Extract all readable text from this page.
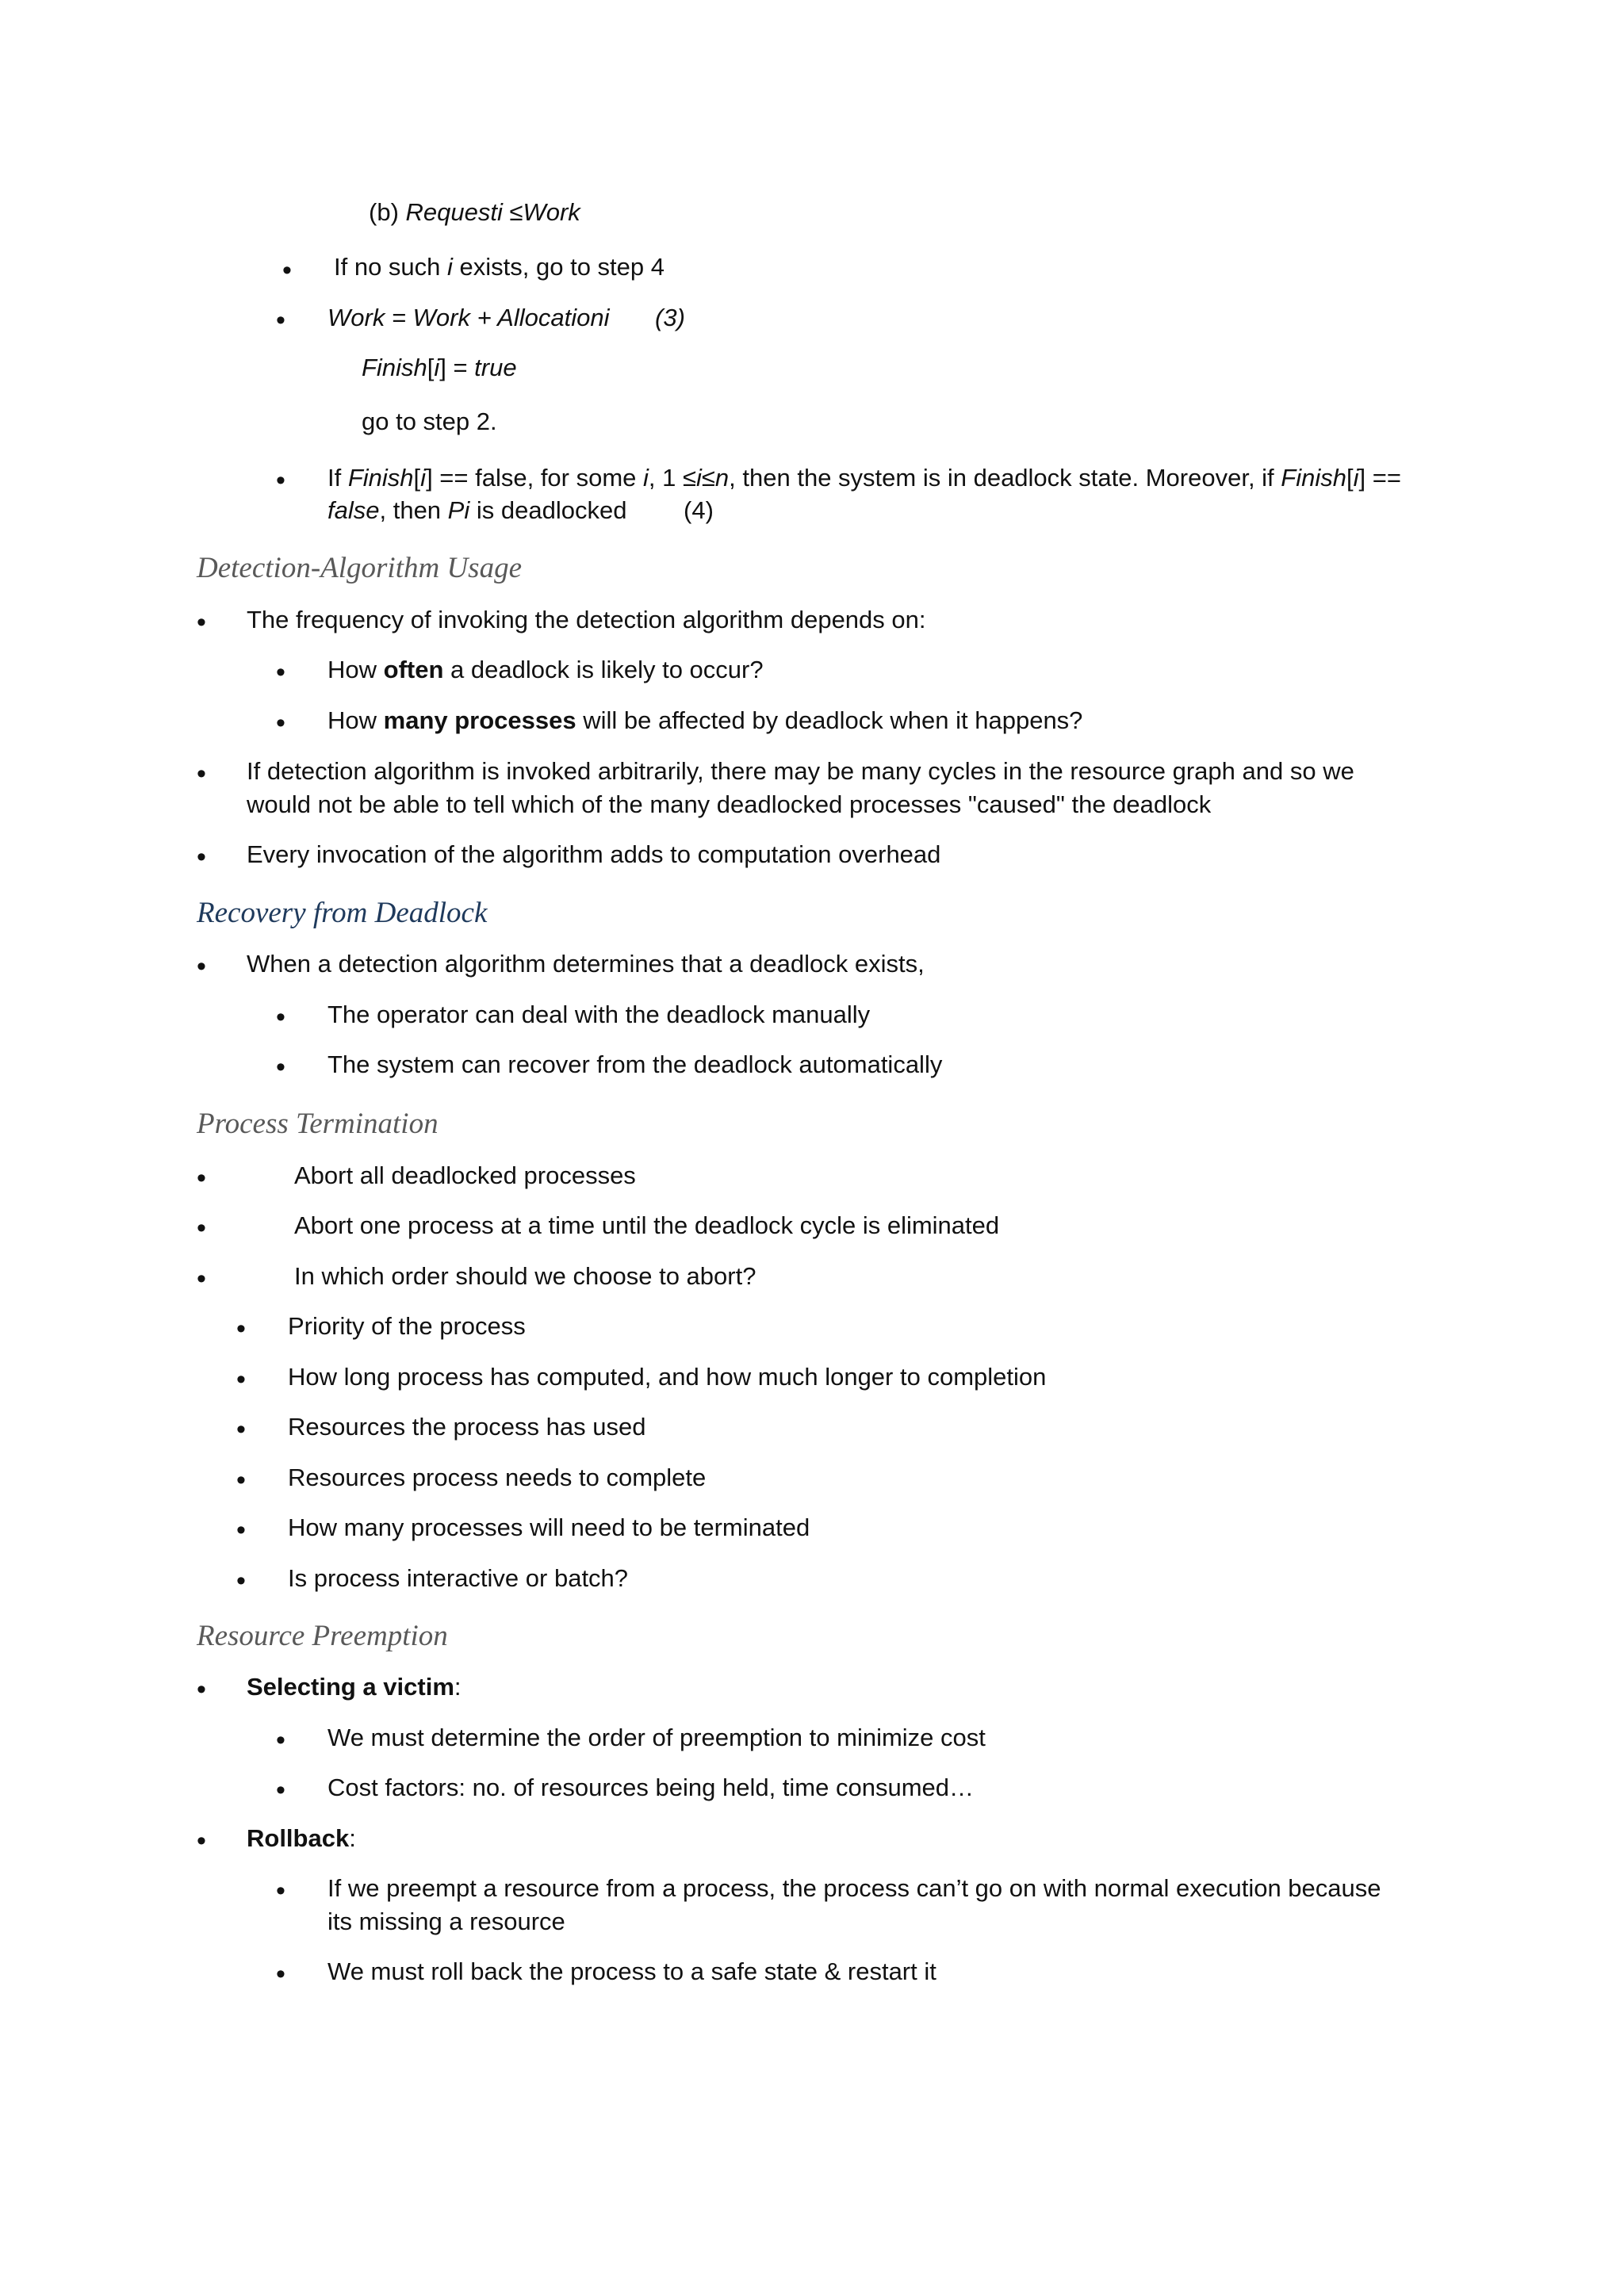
(b) Requesti ≤Work
• If no such i exists, go to step 4
• Work = Work + Allocationi (3)
Finish[i] = true
go to step 2.
• If Finish[i] == false, for some i, 1 ≤i≤n, then the system is in deadlock state. Moreover, if Finish[i] ==
false, then Pi is deadlocked (4)
Detection-Algorithm Usage
• The frequency of invoking the detection algorithm depends on:
• How often a deadlock is likely to occur?
• How many processes will be affected by deadlock when it happens?
• If detection algorithm is invoked arbitrarily, there may be many cycles in the resource graph and so we
would not be able to tell which of the many deadlocked processes "caused" the deadlock
• Every invocation of the algorithm adds to computation overhead
Recovery from Deadlock
• When a detection algorithm determines that a deadlock exists,
• The operator can deal with the deadlock manually
• The system can recover from the deadlock automatically
Process Termination
•	Abort all deadlocked processes
•	Abort one process at a time until the deadlock cycle is eliminated
•	In which order should we choose to abort?
• Priority of the process
• How long process has computed, and how much longer to completion
• Resources the process has used
• Resources process needs to complete
• How many processes will need to be terminated
• Is process interactive or batch?
Resource Preemption
• Selecting a victim:
• We must determine the order of preemption to minimize cost
• Cost factors: no. of resources being held, time consumed…
• Rollback:
• If we preempt a resource from a process, the process can’t go on with normal execution because
its missing a resource
• We must roll back the process to a safe state & restart it
